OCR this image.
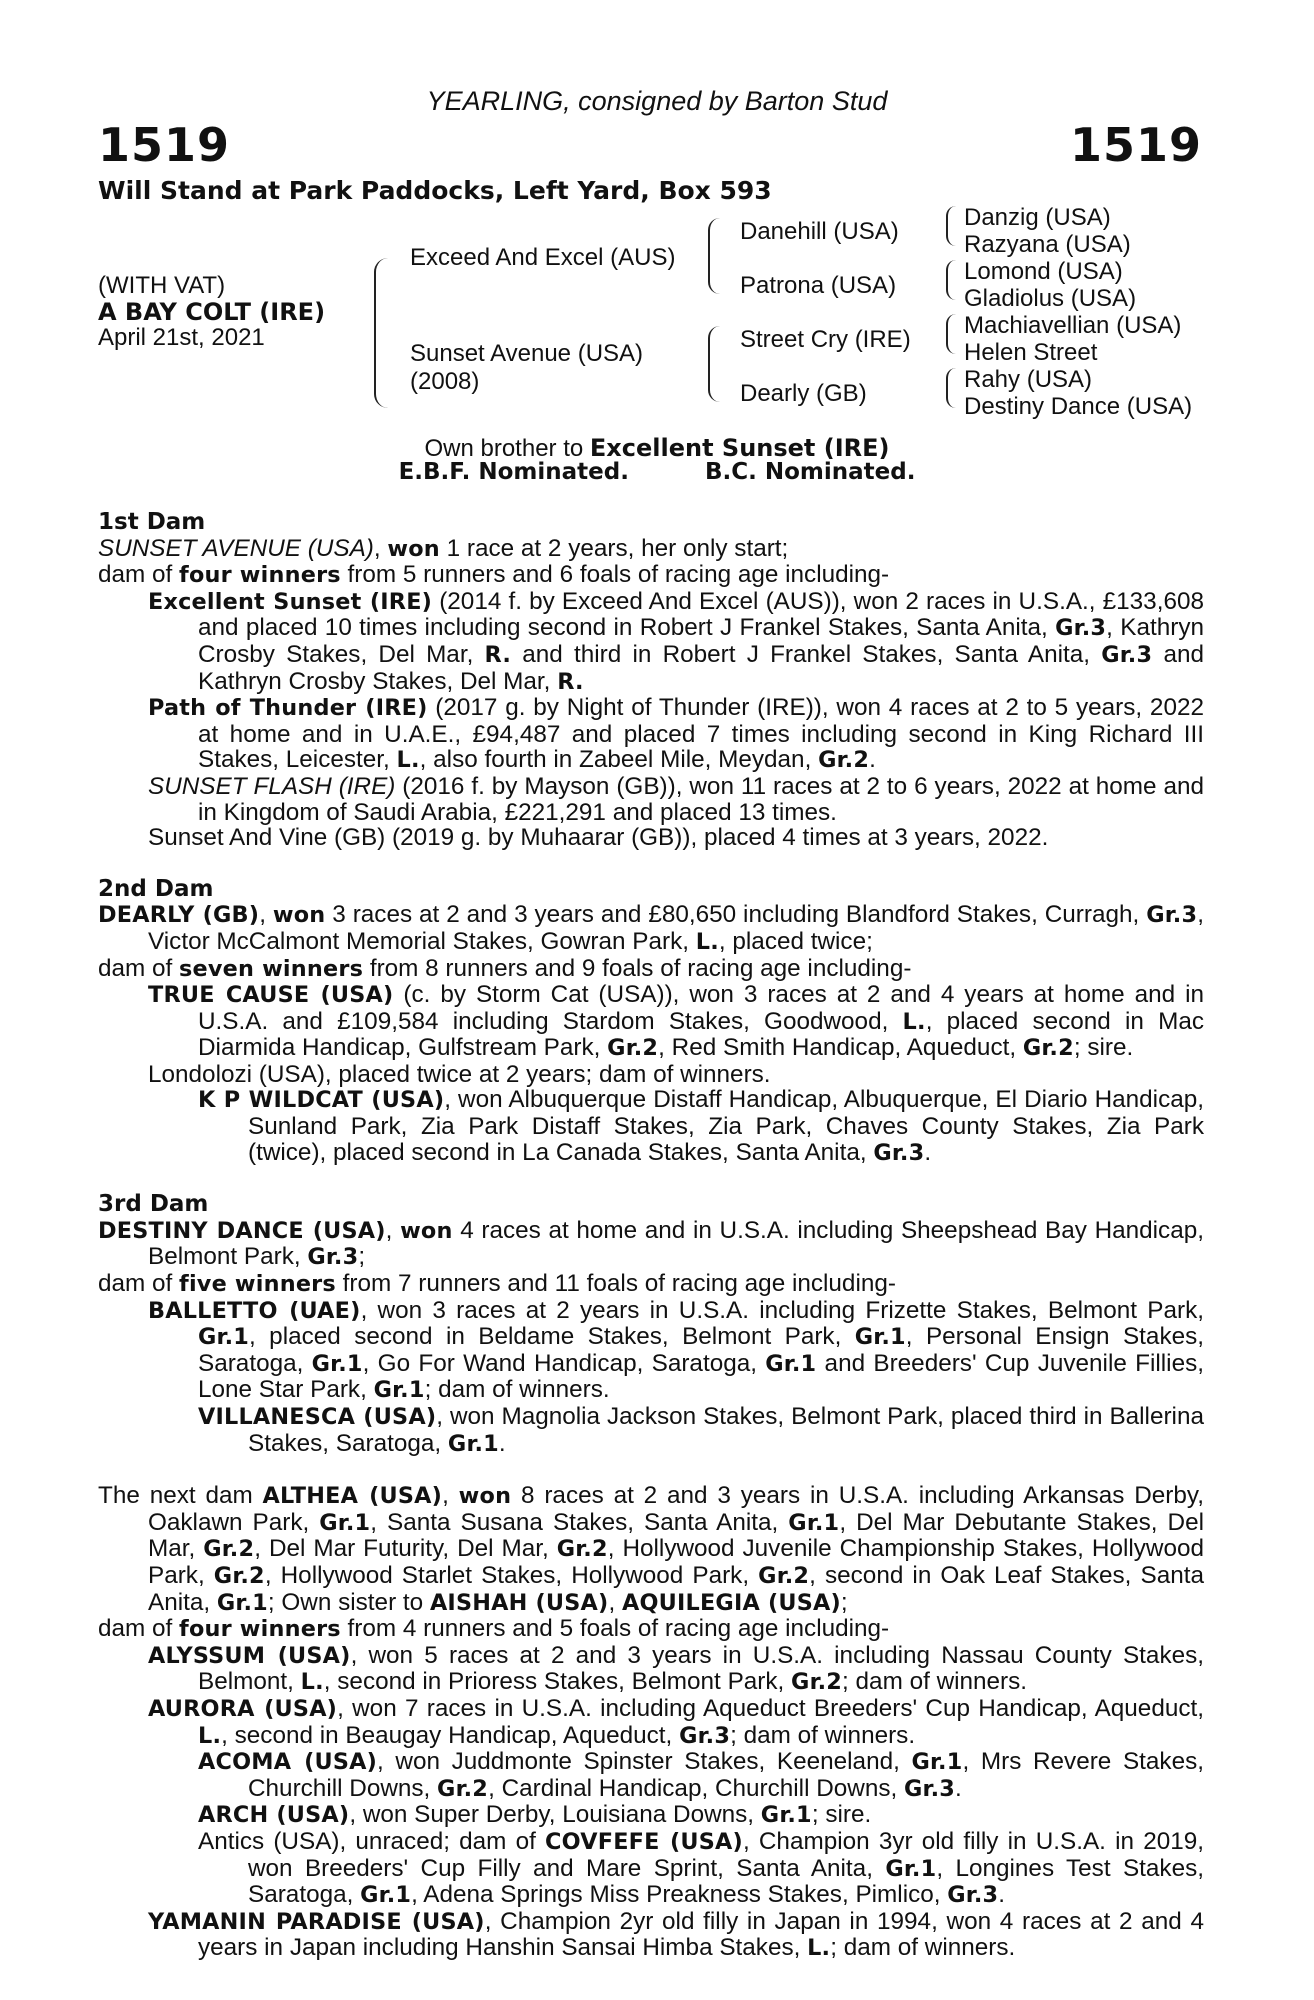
YEARLING, consigned by Barton Stud
1519	1519
Will Stand at Park Paddocks, Left Yard, Box 593
(WITH VAT)
A BAY COLT (IRE)
April 21st, 2021
Exceed And Excel (AUS)
Sunset Avenue (USA)
(2008)
Danehill (USA)
Patrona (USA)
Street Cry (IRE)
Dearly (GB)
Danzig (USA)
Razyana (USA)
Lomond (USA)
Gladiolus (USA)
Machiavellian (USA)
Helen Street
Rahy (USA)
Destiny Dance (USA)
Own brother to Excellent Sunset (IRE)
E.B.F. Nominated.	B.C. Nominated.

1st Dam

SUNSET AVENUE (USA), won 1 race at 2 years, her only start;

dam of four winners from 5 runners and 6 foals of racing age including-

Excellent Sunset (IRE) (2014 f. by Exceed And Excel (AUS)), won 2 races in U.S.A., £133,608 and placed 10 times including second in Robert J Frankel Stakes, Santa Anita, Gr.3, Kathryn Crosby Stakes, Del Mar, R. and third in Robert J Frankel Stakes, Santa Anita, Gr.3 and Kathryn Crosby Stakes, Del Mar, R.

Path of Thunder (IRE) (2017 g. by Night of Thunder (IRE)), won 4 races at 2 to 5 years, 2022 at home and in U.A.E., £94,487 and placed 7 times including second in King Richard III Stakes, Leicester, L., also fourth in Zabeel Mile, Meydan, Gr.2.

SUNSET FLASH (IRE) (2016 f. by Mayson (GB)), won 11 races at 2 to 6 years, 2022 at home and in Kingdom of Saudi Arabia, £221,291 and placed 13 times.

Sunset And Vine (GB) (2019 g. by Muhaarar (GB)), placed 4 times at 3 years, 2022.

2nd Dam

DEARLY (GB), won 3 races at 2 and 3 years and £80,650 including Blandford Stakes, Curragh, Gr.3, Victor McCalmont Memorial Stakes, Gowran Park, L., placed twice;

dam of seven winners from 8 runners and 9 foals of racing age including-

TRUE CAUSE (USA) (c. by Storm Cat (USA)), won 3 races at 2 and 4 years at home and in U.S.A. and £109,584 including Stardom Stakes, Goodwood, L., placed second in Mac Diarmida Handicap, Gulfstream Park, Gr.2, Red Smith Handicap, Aqueduct, Gr.2; sire.

Londolozi (USA), placed twice at 2 years; dam of winners.

K P WILDCAT (USA), won Albuquerque Distaff Handicap, Albuquerque, El Diario Handicap, Sunland Park, Zia Park Distaff Stakes, Zia Park, Chaves County Stakes, Zia Park (twice), placed second in La Canada Stakes, Santa Anita, Gr.3.

3rd Dam

DESTINY DANCE (USA), won 4 races at home and in U.S.A. including Sheepshead Bay Handicap, Belmont Park, Gr.3;

dam of five winners from 7 runners and 11 foals of racing age including-

BALLETTO (UAE), won 3 races at 2 years in U.S.A. including Frizette Stakes, Belmont Park, Gr.1, placed second in Beldame Stakes, Belmont Park, Gr.1, Personal Ensign Stakes, Saratoga, Gr.1, Go For Wand Handicap, Saratoga, Gr.1 and Breeders' Cup Juvenile Fillies, Lone Star Park, Gr.1; dam of winners.

VILLANESCA (USA), won Magnolia Jackson Stakes, Belmont Park, placed third in Ballerina Stakes, Saratoga, Gr.1.

The next dam ALTHEA (USA), won 8 races at 2 and 3 years in U.S.A. including Arkansas Derby, Oaklawn Park, Gr.1, Santa Susana Stakes, Santa Anita, Gr.1, Del Mar Debutante Stakes, Del Mar, Gr.2, Del Mar Futurity, Del Mar, Gr.2, Hollywood Juvenile Championship Stakes, Hollywood Park, Gr.2, Hollywood Starlet Stakes, Hollywood Park, Gr.2, second in Oak Leaf Stakes, Santa Anita, Gr.1; Own sister to AISHAH (USA), AQUILEGIA (USA);

dam of four winners from 4 runners and 5 foals of racing age including-

ALYSSUM (USA), won 5 races at 2 and 3 years in U.S.A. including Nassau County Stakes, Belmont, L., second in Prioress Stakes, Belmont Park, Gr.2; dam of winners.

AURORA (USA), won 7 races in U.S.A. including Aqueduct Breeders' Cup Handicap, Aqueduct, L., second in Beaugay Handicap, Aqueduct, Gr.3; dam of winners.

ACOMA (USA), won Juddmonte Spinster Stakes, Keeneland, Gr.1, Mrs Revere Stakes, Churchill Downs, Gr.2, Cardinal Handicap, Churchill Downs, Gr.3.

ARCH (USA), won Super Derby, Louisiana Downs, Gr.1; sire.

Antics (USA), unraced; dam of COVFEFE (USA), Champion 3yr old filly in U.S.A. in 2019, won Breeders' Cup Filly and Mare Sprint, Santa Anita, Gr.1, Longines Test Stakes, Saratoga, Gr.1, Adena Springs Miss Preakness Stakes, Pimlico, Gr.3.

YAMANIN PARADISE (USA), Champion 2yr old filly in Japan in 1994, won 4 races at 2 and 4 years in Japan including Hanshin Sansai Himba Stakes, L.; dam of winners.
